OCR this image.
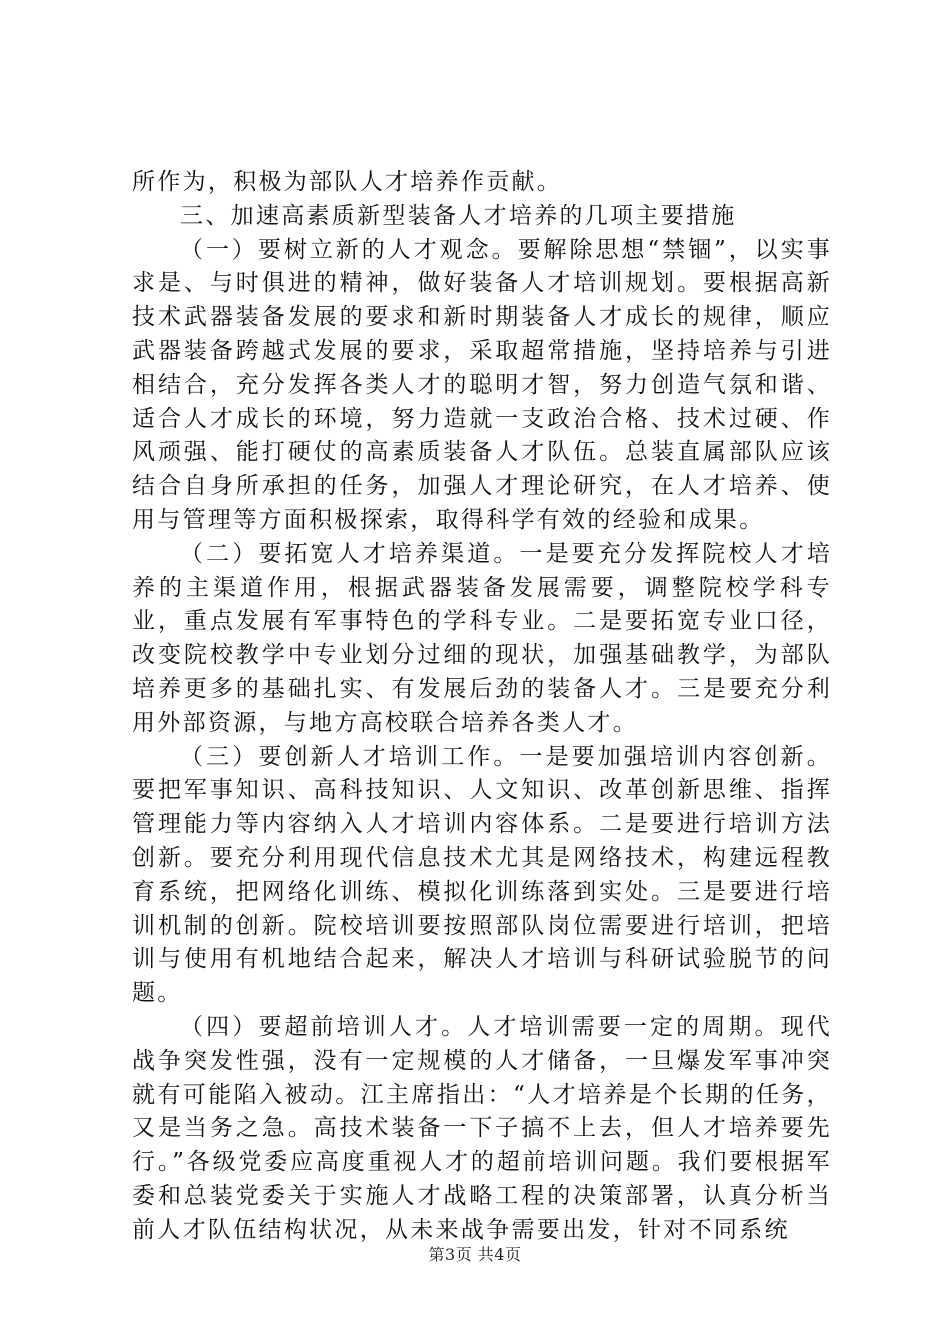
所作为，积极为部队人才培养作贡献。

三、加速高素质新型装备人才培养的几项主要措施

（一）要树立新的人才观念。要解除思想“禁锢”，以实事求是、与时俱进的精神，做好装备人才培训规划。要根据高新技术武器装备发展的要求和新时期装备人才成长的规律，顺应武器装备跨越式发展的要求，采取超常措施，坚持培养与引进相结合，充分发挥各类人才的聪明才智，努力创造气氛和谐、适合人才成长的环境，努力造就一支政治合格、技术过硬、作风顽强、能打硬仗的高素质装备人才队伍。总装直属部队应该结合自身所承担的任务，加强人才理论研究，在人才培养、使用与管理等方面积极探索，取得科学有效的经验和成果。

（二）要拓宽人才培养渠道。一是要充分发挥院校人才培养的主渠道作用，根据武器装备发展需要，调整院校学科专业，重点发展有军事特色的学科专业。二是要拓宽专业口径，改变院校教学中专业划分过细的现状，加强基础教学，为部队培养更多的基础扎实、有发展后劲的装备人才。三是要充分利用外部资源，与地方高校联合培养各类人才。

（三）要创新人才培训工作。一是要加强培训内容创新。要把军事知识、高科技知识、人文知识、改革创新思维、指挥管理能力等内容纳入人才培训内容体系。二是要进行培训方法创新。要充分利用现代信息技术尤其是网络技术，构建远程教育系统，把网络化训练、模拟化训练落到实处。三是要进行培训机制的创新。院校培训要按照部队岗位需要进行培训，把培训与使用有机地结合起来，解决人才培训与科研试验脱节的问题。

（四）要超前培训人才。人才培训需要一定的周期。现代战争突发性强，没有一定规模的人才储备，一旦爆发军事冲突就有可能陷入被动。江主席指出：“人才培养是个长期的任务，又是当务之急。高技术装备一下子搞不上去，但人才培养要先行。”各级党委应高度重视人才的超前培训问题。我们要根据军委和总装党委关于实施人才战略工程的决策部署，认真分析当前人才队伍结构状况，从未来战争需要出发，针对不同系统

第3页 共4页
